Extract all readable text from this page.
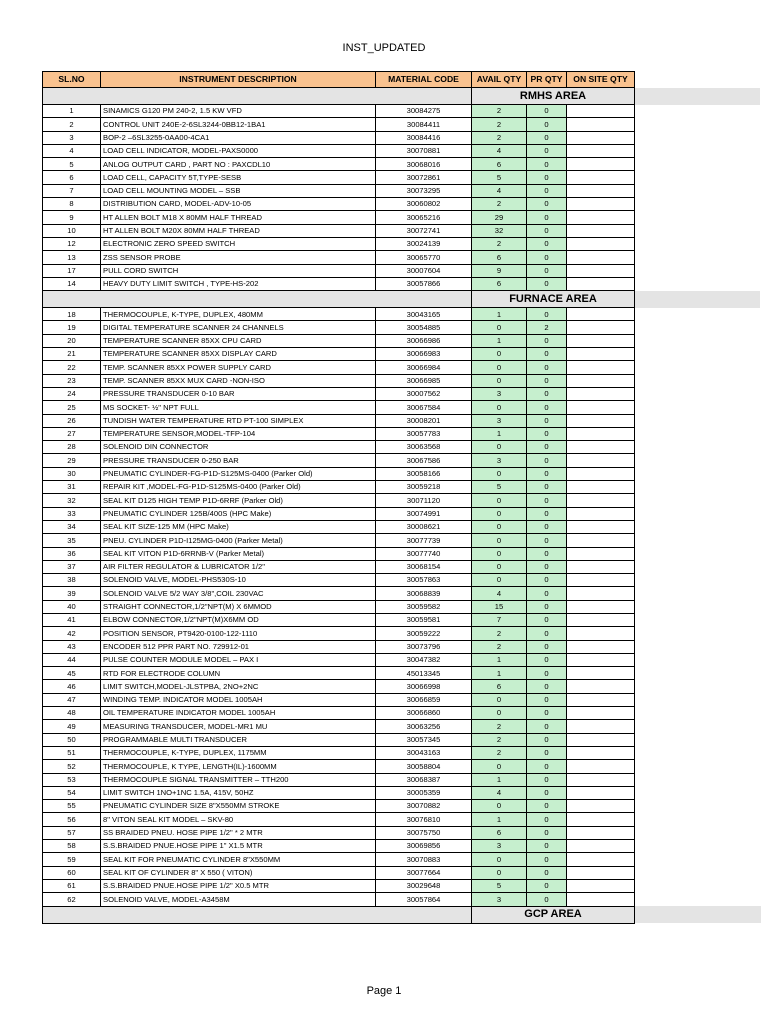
INST_UPDATED
SL.NO	INSTRUMENT DESCRIPTION	MATERIAL CODE	AVAIL QTY	PR QTY	ON SITE QTY	
			RMHS AREA			
1	SINAMICS G120 PM 240-2, 1.5 KW VFD	30084275	2	0		
2	CONTROL UNIT 240E-2-6SL3244-0BB12-1BA1	30084411	2	0		
3	BOP-2 –6SL3255-0AA00-4CA1	30084416	2	0		
4	LOAD CELL INDICATOR, MODEL-PAXS0000	30070881	4	0		
5	ANLOG OUTPUT CARD , PART NO : PAXCDL10	30068016	6	0		
6	LOAD CELL, CAPACITY 5T,TYPE-SESB	30072861	5	0		
7	LOAD CELL MOUNTING MODEL – SSB	30073295	4	0		
8	DISTRIBUTION CARD, MODEL-ADV-10-05	30060802	2	0		
9	HT ALLEN BOLT M18 X 80MM HALF THREAD	30065216	29	0		
10	HT ALLEN BOLT M20X 80MM HALF THREAD	30072741	32	0		
12	ELECTRONIC ZERO SPEED SWITCH	30024139	2	0		
13	ZSS SENSOR PROBE	30065770	6	0		
17	PULL CORD SWITCH	30007604	9	0		
14	HEAVY DUTY LIMIT SWITCH , TYPE-HS-202	30057866	6	0		
			FURNACE AREA			
18	THERMOCOUPLE, K-TYPE, DUPLEX, 480MM	30043165	1	0		
19	DIGITAL TEMPERATURE SCANNER 24 CHANNELS	30054885	0	2		
20	TEMPERATURE SCANNER 85XX CPU CARD	30066986	1	0		
21	TEMPERATURE SCANNER 85XX DISPLAY CARD	30066983	0	0		
22	TEMP. SCANNER 85XX POWER SUPPLY CARD	30066984	0	0		
23	TEMP. SCANNER 85XX MUX CARD -NON-ISO	30066985	0	0		
24	PRESSURE TRANSDUCER 0-10 BAR	30007562	3	0		
25	MS SOCKET- ½" NPT FULL	30067584	0	0		
26	TUNDISH WATER TEMPERATURE RTD PT-100 SIMPLEX	30008201	3	0		
27	TEMPERATURE SENSOR,MODEL-TFP-104	30057783	1	0		
28	SOLENOID DIN CONNECTOR	30063568	0	0		
29	PRESSURE TRANSDUCER 0-250 BAR	30067586	3	0		
30	PNEUMATIC CYLINDER-FG-P1D-S125MS-0400 (Parker Old)	30058166	0	0		
31	REPAIR KIT ,MODEL-FG-P1D-S125MS-0400 (Parker Old)	30059218	5	0		
32	SEAL KIT D125 HIGH TEMP P1D-6RRF (Parker Old)	30071120	0	0		
33	PNEUMATIC CYLINDER 125B/400S (HPC Make)	30074991	0	0		
34	SEAL KIT SIZE-125 MM (HPC Make)	30008621	0	0		
35	PNEU. CYLINDER P1D-I125MG-0400 (Parker Metal)	30077739	0	0		
36	SEAL KIT VITON P1D-6RRNB-V (Parker Metal)	30077740	0	0		
37	AIR FILTER REGULATOR & LUBRICATOR 1/2"	30068154	0	0		
38	SOLENOID VALVE, MODEL-PHS530S-10	30057863	0	0		
39	SOLENOID VALVE 5/2 WAY 3/8",COIL 230VAC	30068839	4	0		
40	STRAIGHT CONNECTOR,1/2"NPT(M) X 6MMOD	30059582	15	0		
41	ELBOW CONNECTOR,1/2"NPT(M)X6MM OD	30059581	7	0		
42	POSITION SENSOR, PT9420-0100-122-1110	30059222	2	0		
43	ENCODER 512 PPR PART NO. 729912-01	30073796	2	0		
44	PULSE COUNTER MODULE MODEL – PAX I	30047382	1	0		
45	RTD FOR ELECTRODE COLUMN	45013345	1	0		
46	LIMIT SWITCH,MODEL-JLSTPBA, 2NO+2NC	30066998	6	0		
47	WINDING TEMP. INDICATOR MODEL 1005AH	30066859	0	0		
48	OIL TEMPERATURE INDICATOR MODEL 1005AH	30066860	0	0		
49	MEASURING TRANSDUCER, MODEL-MR1 MU	30063256	2	0		
50	PROGRAMMABLE MULTI TRANSDUCER	30057345	2	0		
51	THERMOCOUPLE, K-TYPE, DUPLEX, 1175MM	30043163	2	0		
52	THERMOCOUPLE, K TYPE, LENGTH(IL)-1600MM	30058804	0	0		
53	THERMOCOUPLE SIGNAL TRANSMITTER – TTH200	30068387	1	0		
54	LIMIT SWITCH 1NO+1NC 1.5A, 415V, 50HZ	30005359	4	0		
55	PNEUMATIC CYLINDER SIZE 8"X550MM STROKE	30070882	0	0		
56	8" VITON SEAL KIT MODEL – SKV-80	30076810	1	0		
57	SS BRAIDED PNEU. HOSE PIPE 1/2" * 2 MTR	30075750	6	0		
58	S.S.BRAIDED PNUE.HOSE PIPE 1" X1.5 MTR	30069856	3	0		
59	SEAL KIT FOR PNEUMATIC CYLINDER 8"X550MM	30070883	0	0		
60	SEAL KIT OF CYLINDER 8" X 550 ( VITON)	30077664	0	0		
61	S.S.BRAIDED PNUE.HOSE PIPE 1/2" X0.5 MTR	30029648	5	0		
62	SOLENOID VALVE, MODEL-A3458M	30057864	3	0		
			GCP AREA			
Page 1
